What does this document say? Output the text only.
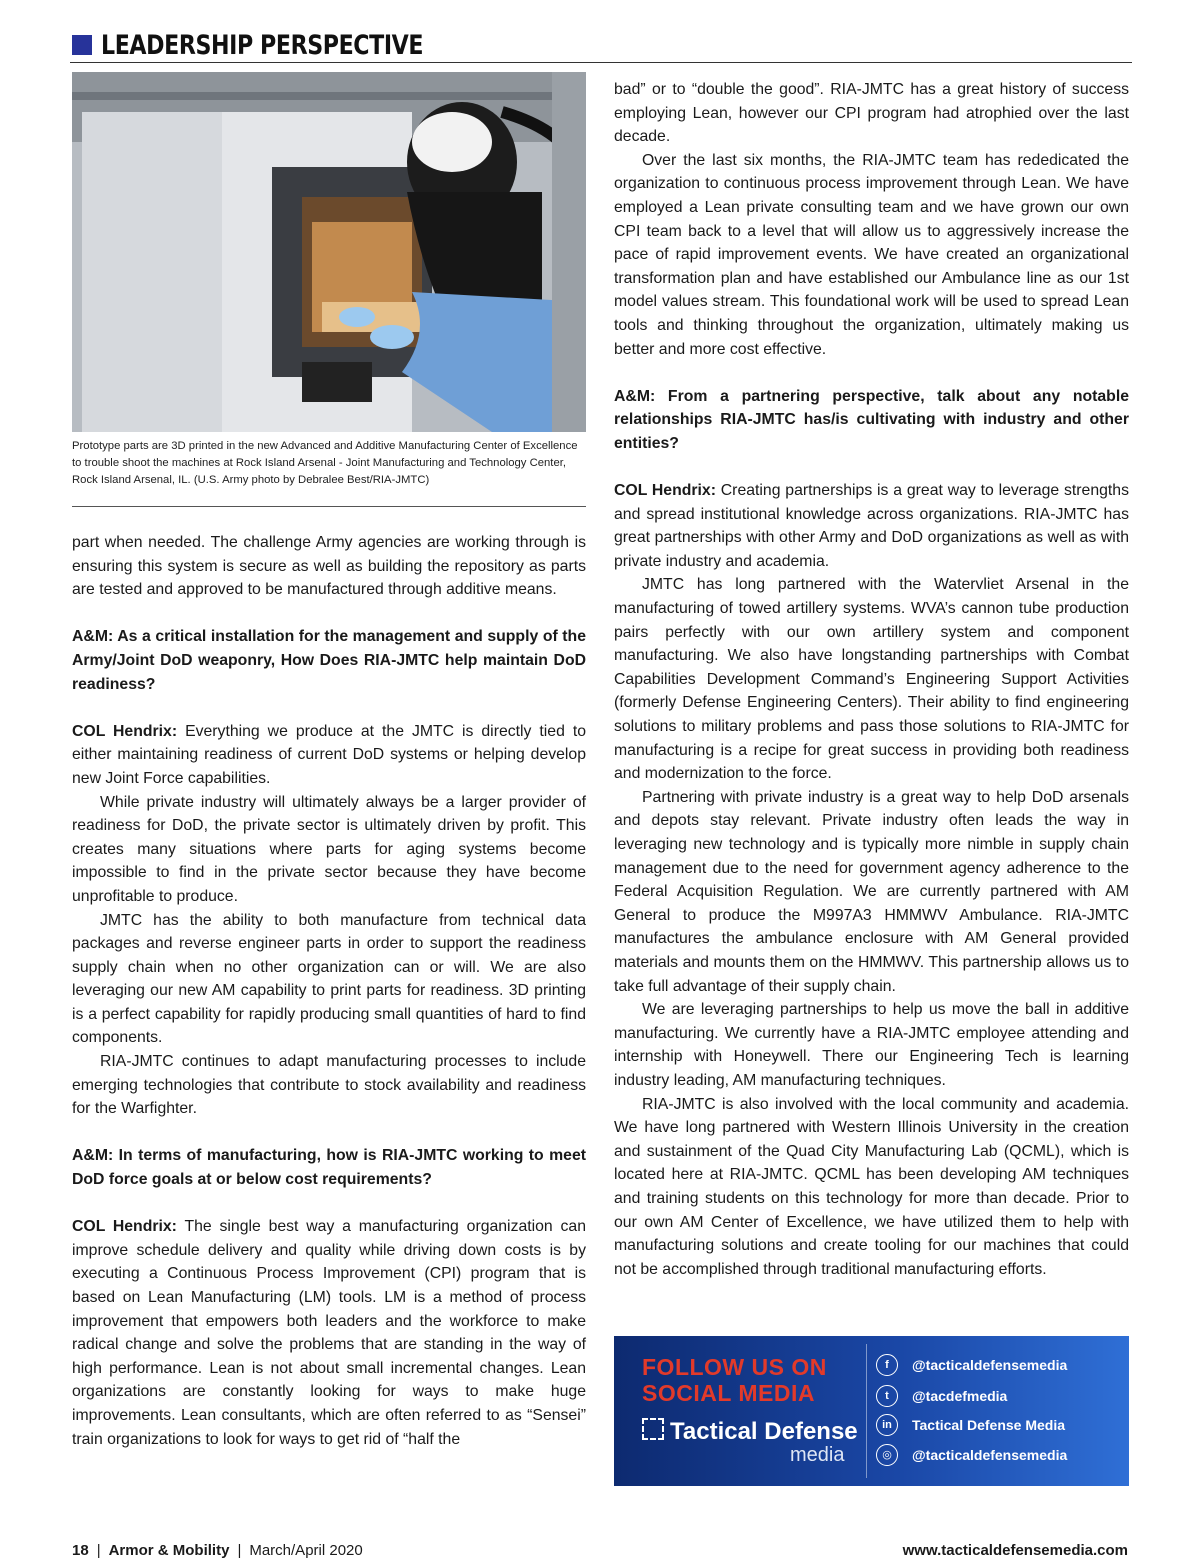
LEADERSHIP PERSPECTIVE
Prototype parts are 3D printed in the new Advanced and Additive Manufacturing Center of Excellence to trouble shoot the machines at Rock Island Arsenal - Joint Manufacturing and Technology Center, Rock Island Arsenal, IL. (U.S. Army photo by Debralee Best/RIA-JMTC)

part when needed. The challenge Army agencies are working through is ensuring this system is secure as well as building the repository as parts are tested and approved to be manufactured through additive means.

A&M: As a critical installation for the management and supply of the Army/Joint DoD weaponry, How Does RIA-JMTC help maintain DoD readiness?

COL Hendrix: Everything we produce at the JMTC is directly tied to either maintaining readiness of current DoD systems or helping develop new Joint Force capabilities.

While private industry will ultimately always be a larger provider of readiness for DoD, the private sector is ultimately driven by profit. This creates many situations where parts for aging systems become impossible to find in the private sector because they have become unprofitable to produce.

JMTC has the ability to both manufacture from technical data packages and reverse engineer parts in order to support the readiness supply chain when no other organization can or will. We are also leveraging our new AM capability to print parts for readiness. 3D printing is a perfect capability for rapidly producing small quantities of hard to find components.

RIA-JMTC continues to adapt manufacturing processes to include emerging technologies that contribute to stock availability and readiness for the Warfighter.

A&M: In terms of manufacturing, how is RIA-JMTC working to meet DoD force goals at or below cost requirements?

COL Hendrix: The single best way a manufacturing organization can improve schedule delivery and quality while driving down costs is by executing a Continuous Process Improvement (CPI) program that is based on Lean Manufacturing (LM) tools. LM is a method of process improvement that empowers both leaders and the workforce to make radical change and solve the problems that are standing in the way of high performance. Lean is not about small incremental changes. Lean organizations are constantly looking for ways to make huge improvements. Lean consultants, which are often referred to as “Sensei” train organizations to look for ways to get rid of “half the

bad” or to “double the good”. RIA-JMTC has a great history of success employing Lean, however our CPI program had atrophied over the last decade.

Over the last six months, the RIA-JMTC team has rededicated the organization to continuous process improvement through Lean. We have employed a Lean private consulting team and we have grown our own CPI team back to a level that will allow us to aggressively increase the pace of rapid improvement events. We have created an organizational transformation plan and have established our Ambulance line as our 1st model values stream. This foundational work will be used to spread Lean tools and thinking throughout the organization, ultimately making us better and more cost effective.

A&M: From a partnering perspective, talk about any notable relationships RIA-JMTC has/is cultivating with industry and other entities?

COL Hendrix: Creating partnerships is a great way to leverage strengths and spread institutional knowledge across organizations. RIA-JMTC has great partnerships with other Army and DoD organizations as well as with private industry and academia.

JMTC has long partnered with the Watervliet Arsenal in the manufacturing of towed artillery systems. WVA’s cannon tube production pairs perfectly with our own artillery system and component manufacturing. We also have longstanding partnerships with Combat Capabilities Development Command’s Engineering Support Activities (formerly Defense Engineering Centers). Their ability to find engineering solutions to military problems and pass those solutions to RIA-JMTC for manufacturing is a recipe for great success in providing both readiness and modernization to the force.

Partnering with private industry is a great way to help DoD arsenals and depots stay relevant. Private industry often leads the way in leveraging new technology and is typically more nimble in supply chain management due to the need for government agency adherence to the Federal Acquisition Regulation. We are currently partnered with AM General to produce the M997A3 HMMWV Ambulance. RIA-JMTC manufactures the ambulance enclosure with AM General provided materials and mounts them on the HMMWV. This partnership allows us to take full advantage of their supply chain.

We are leveraging partnerships to help us move the ball in additive manufacturing. We currently have a RIA-JMTC employee attending and internship with Honeywell. There our Engineering Tech is learning industry leading, AM manufacturing techniques.

RIA-JMTC is also involved with the local community and academia. We have long partnered with Western Illinois University in the creation and sustainment of the Quad City Manufacturing Lab (QCML), which is located here at RIA-JMTC. QCML has been developing AM techniques and training students on this technology for more than decade. Prior to our own AM Center of Excellence, we have utilized them to help with manufacturing solutions and create tooling for our machines that could not be accomplished through traditional manufacturing efforts.

FOLLOW US ON
SOCIAL MEDIA
Tactical Defense
media
f	@tacticaldefensemedia
t	@tacdefmedia
in	Tactical Defense Media
◎	@tacticaldefensemedia
18 | Armor & Mobility | March/April 2020	www.tacticaldefensemedia.com
